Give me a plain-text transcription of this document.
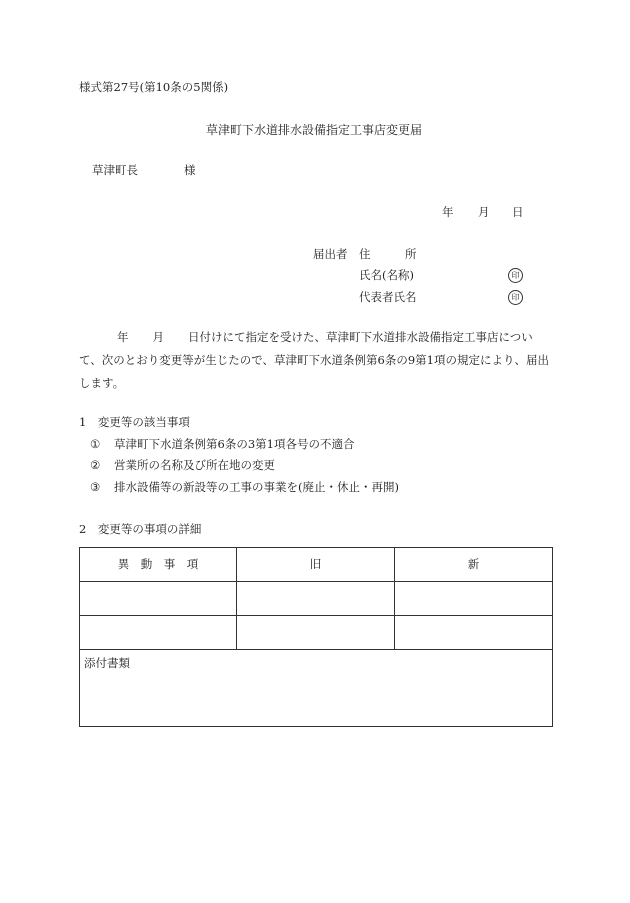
様式第27号(第10条の5関係)
草津町下水道排水設備指定工事店変更届
草津町長	様
年 月 日
届出者 住　　　所
氏名(名称)	印
代表者氏名	印
年 月 日付けにて指定を受けた、草津町下水道排水設備指定工事店について、次のとおり変更等が生じたので、草津町下水道条例第6条の9第1項の規定により、届出します。
1　変更等の該当事項
① 草津町下水道条例第6条の3第1項各号の不適合
② 営業所の名称及び所在地の変更
③ 排水設備等の新設等の工事の事業を(廃止・休止・再開)
2　変更等の事項の詳細
異　動　事　項	旧	新

添付書類		
